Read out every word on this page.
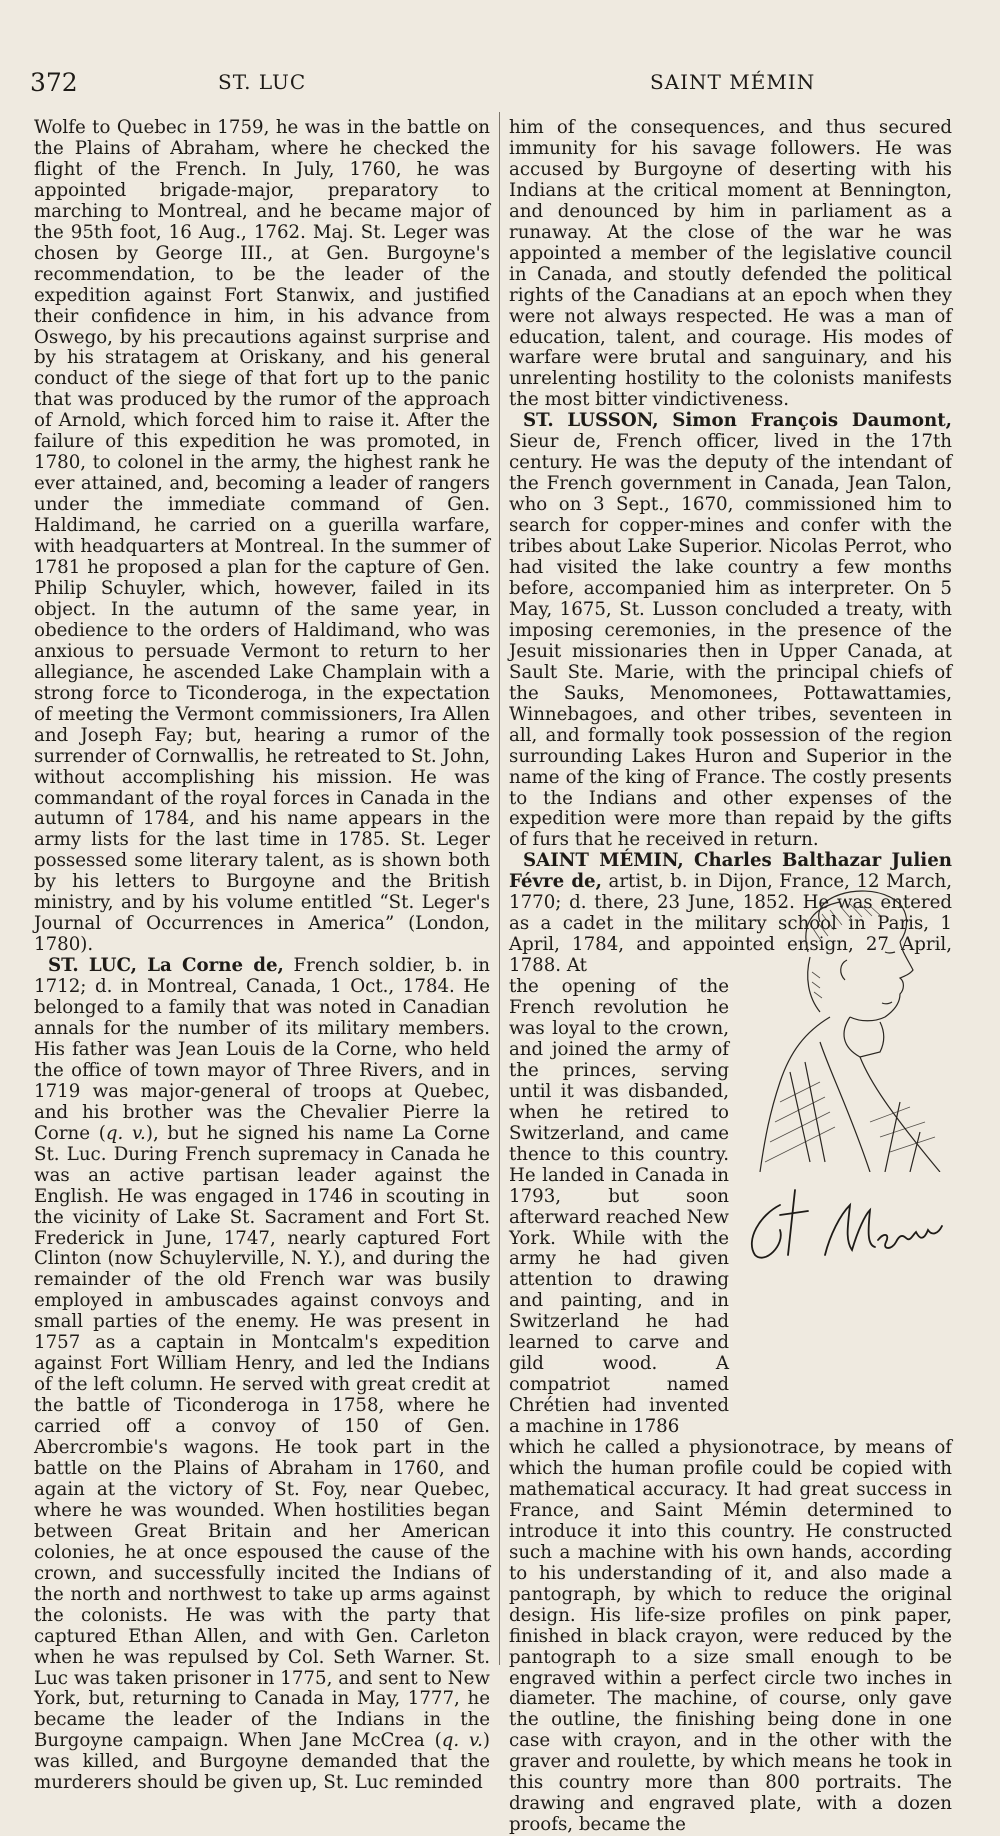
372	ST. LUC	SAINT MÉMIN

Wolfe to Quebec in 1759, he was in the battle on the Plains of Abraham, where he checked the flight of the French. In July, 1760, he was appointed brigade-major, preparatory to marching to Montreal, and he became major of the 95th foot, 16 Aug., 1762. Maj. St. Leger was chosen by George III., at Gen. Burgoyne's recommendation, to be the leader of the expedition against Fort Stanwix, and justified their confidence in him, in his advance from Oswego, by his precautions against surprise and by his stratagem at Oriskany, and his general conduct of the siege of that fort up to the panic that was produced by the rumor of the approach of Arnold, which forced him to raise it. After the failure of this expedition he was promoted, in 1780, to colonel in the army, the highest rank he ever attained, and, becoming a leader of rangers under the immediate command of Gen. Haldimand, he carried on a guerilla warfare, with headquarters at Montreal. In the summer of 1781 he proposed a plan for the capture of Gen. Philip Schuyler, which, however, failed in its object. In the autumn of the same year, in obedience to the orders of Haldimand, who was anxious to persuade Vermont to return to her allegiance, he ascended Lake Champlain with a strong force to Ticonderoga, in the expectation of meeting the Vermont commissioners, Ira Allen and Joseph Fay; but, hearing a rumor of the surrender of Cornwallis, he retreated to St. John, without accomplishing his mission. He was commandant of the royal forces in Canada in the autumn of 1784, and his name appears in the army lists for the last time in 1785. St. Leger possessed some literary talent, as is shown both by his letters to Burgoyne and the British ministry, and by his volume entitled “St. Leger's Journal of Occurrences in America” (London, 1780).

ST. LUC, La Corne de, French soldier, b. in 1712; d. in Montreal, Canada, 1 Oct., 1784. He belonged to a family that was noted in Canadian annals for the number of its military members. His father was Jean Louis de la Corne, who held the office of town mayor of Three Rivers, and in 1719 was major-general of troops at Quebec, and his brother was the Chevalier Pierre la Corne (q. v.), but he signed his name La Corne St. Luc. During French supremacy in Canada he was an active partisan leader against the English. He was engaged in 1746 in scouting in the vicinity of Lake St. Sacrament and Fort St. Frederick in June, 1747, nearly captured Fort Clinton (now Schuylerville, N. Y.), and during the remainder of the old French war was busily employed in ambuscades against convoys and small parties of the enemy. He was present in 1757 as a captain in Montcalm's expedition against Fort William Henry, and led the Indians of the left column. He served with great credit at the battle of Ticonderoga in 1758, where he carried off a convoy of 150 of Gen. Abercrombie's wagons. He took part in the battle on the Plains of Abraham in 1760, and again at the victory of St. Foy, near Quebec, where he was wounded. When hostilities began between Great Britain and her American colonies, he at once espoused the cause of the crown, and successfully incited the Indians of the north and northwest to take up arms against the colonists. He was with the party that captured Ethan Allen, and with Gen. Carleton when he was repulsed by Col. Seth Warner. St. Luc was taken prisoner in 1775, and sent to New York, but, returning to Canada in May, 1777, he became the leader of the Indians in the Burgoyne campaign. When Jane McCrea (q. v.) was killed, and Burgoyne demanded that the murderers should be given up, St. Luc reminded

him of the consequences, and thus secured immunity for his savage followers. He was accused by Burgoyne of deserting with his Indians at the critical moment at Bennington, and denounced by him in parliament as a runaway. At the close of the war he was appointed a member of the legislative council in Canada, and stoutly defended the political rights of the Canadians at an epoch when they were not always respected. He was a man of education, talent, and courage. His modes of warfare were brutal and sanguinary, and his unrelenting hostility to the colonists manifests the most bitter vindictiveness.

ST. LUSSON, Simon François Daumont, Sieur de, French officer, lived in the 17th century. He was the deputy of the intendant of the French government in Canada, Jean Talon, who on 3 Sept., 1670, commissioned him to search for copper-mines and confer with the tribes about Lake Superior. Nicolas Perrot, who had visited the lake country a few months before, accompanied him as interpreter. On 5 May, 1675, St. Lusson concluded a treaty, with imposing ceremonies, in the presence of the Jesuit missionaries then in Upper Canada, at Sault Ste. Marie, with the principal chiefs of the Sauks, Menomonees, Pottawattamies, Winnebagoes, and other tribes, seventeen in all, and formally took possession of the region surrounding Lakes Huron and Superior in the name of the king of France. The costly presents to the Indians and other expenses of the expedition were more than repaid by the gifts of furs that he received in return.

SAINT MÉMIN, Charles Balthazar Julien Févre de, artist, b. in Dijon, France, 12 March, 1770; d. there, 23 June, 1852. He was entered as a cadet in the military school in Paris, 1 April, 1784, and appointed ensign, 27 April, 1788. At

the opening of the French revolution he was loyal to the crown, and joined the army of the princes, serving until it was disbanded, when he retired to Switzerland, and came thence to this country. He landed in Canada in 1793, but soon afterward reached New York. While with the army he had given attention to drawing and painting, and in Switzerland he had learned to carve and gild wood. A compatriot named Chrétien had invented a machine in 1786

which he called a physionotrace, by means of which the human profile could be copied with mathematical accuracy. It had great success in France, and Saint Mémin determined to introduce it into this country. He constructed such a machine with his own hands, according to his understanding of it, and also made a pantograph, by which to reduce the original design. His life-size profiles on pink paper, finished in black crayon, were reduced by the pantograph to a size small enough to be engraved within a perfect circle two inches in diameter. The machine, of course, only gave the outline, the finishing being done in one case with crayon, and in the other with the graver and roulette, by which means he took in this country more than 800 portraits. The drawing and engraved plate, with a dozen proofs, became the
